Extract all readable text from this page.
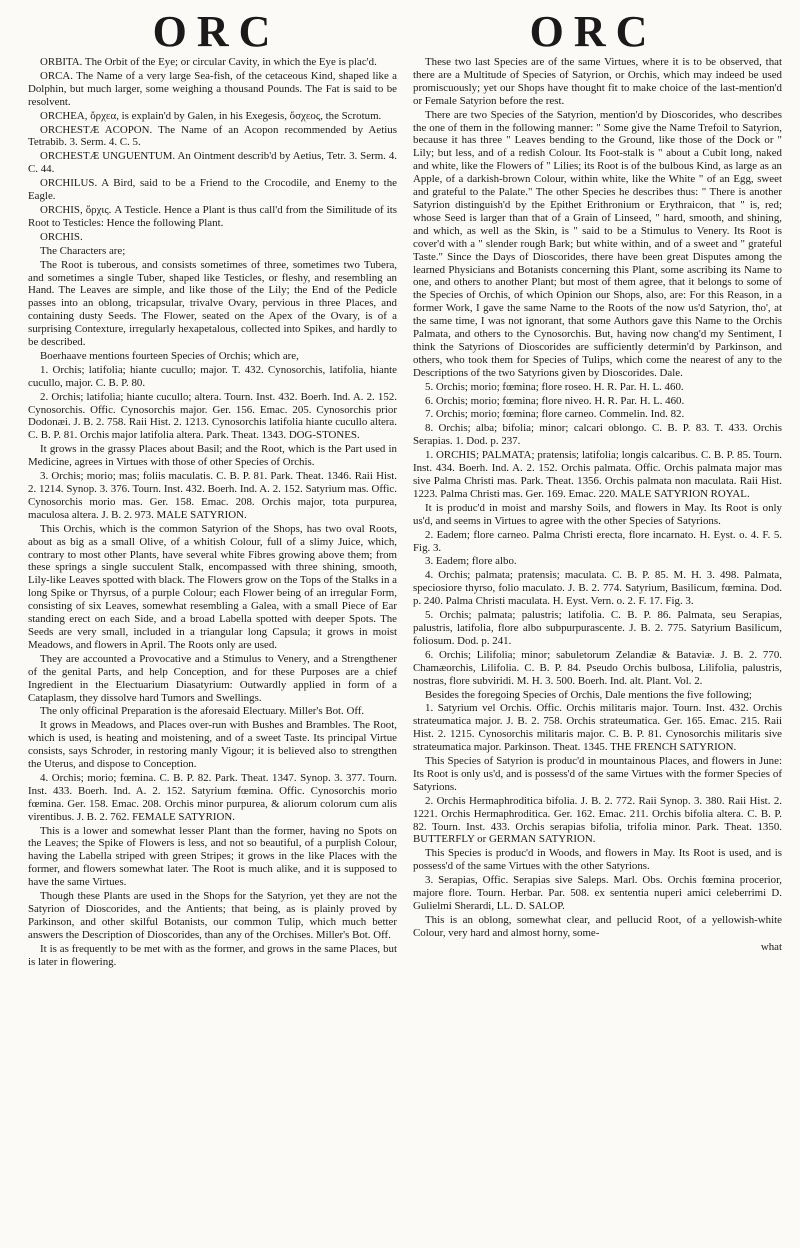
ORC	ORC

ORBITA. The Orbit of the Eye; or circular Cavity, in which the Eye is plac'd.

ORCA. The Name of a very large Sea-fish, of the cetaceous Kind, shaped like a Dolphin, but much larger, some weighing a thousand Pounds. The Fat is said to be resolvent.

ORCHEA, ὄρχεα, is explain'd by Galen, in his Exegesis, ὄσχεος, the Scrotum.

ORCHESTÆ ACOPON. The Name of an Acopon recommended by Aetius Tetrabib. 3. Serm. 4. C. 5.

ORCHESTÆ UNGUENTUM. An Ointment describ'd by Aetius, Tetr. 3. Serm. 4. C. 44.

ORCHILUS. A Bird, said to be a Friend to the Crocodile, and Enemy to the Eagle.

ORCHIS, ὄρχις. A Testicle. Hence a Plant is thus call'd from the Similitude of its Root to Testicles: Hence the following Plant.

ORCHIS.

The Characters are;

The Root is tuberous, and consists sometimes of three, sometimes two Tubera, and sometimes a single Tuber, shaped like Testicles, or fleshy, and resembling an Hand. The Leaves are simple, and like those of the Lily; the End of the Pedicle passes into an oblong, tricapsular, trivalve Ovary, pervious in three Places, and containing dusty Seeds. The Flower, seated on the Apex of the Ovary, is of a surprising Contexture, irregularly hexapetalous, collected into Spikes, and hardly to be described.

Boerhaave mentions fourteen Species of Orchis; which are,

1. Orchis; latifolia; hiante cucullo; major. T. 432. Cynosorchis, latifolia, hiante cucullo, major. C. B. P. 80.

2. Orchis; latifolia; hiante cucullo; altera. Tourn. Inst. 432. Boerh. Ind. A. 2. 152. Cynosorchis. Offic. Cynosorchis major. Ger. 156. Emac. 205. Cynosorchis prior Dodonæi. J. B. 2. 758. Raii Hist. 2. 1213. Cynosorchis latifolia hiante cucullo altera. C. B. P. 81. Orchis major latifolia altera. Park. Theat. 1343. DOG-STONES.

It grows in the grassy Places about Basil; and the Root, which is the Part used in Medicine, agrees in Virtues with those of other Species of Orchis.

3. Orchis; morio; mas; foliis maculatis. C. B. P. 81. Park. Theat. 1346. Raii Hist. 2. 1214. Synop. 3. 376. Tourn. Inst. 432. Boerh. Ind. A. 2. 152. Satyrium mas. Offic. Cynosorchis morio mas. Ger. 158. Emac. 208. Orchis major, tota purpurea, maculosa altera. J. B. 2. 973. MALE SATYRION.

This Orchis, which is the common Satyrion of the Shops, has two oval Roots, about as big as a small Olive, of a whitish Colour, full of a slimy Juice, which, contrary to most other Plants, have several white Fibres growing above them; from these springs a single succulent Stalk, encompassed with three shining, smooth, Lily-like Leaves spotted with black. The Flowers grow on the Tops of the Stalks in a long Spike or Thyrsus, of a purple Colour; each Flower being of an irregular Form, consisting of six Leaves, somewhat resembling a Galea, with a small Piece of Ear standing erect on each Side, and a broad Labella spotted with deeper Spots. The Seeds are very small, included in a triangular long Capsula; it grows in moist Meadows, and flowers in April. The Roots only are used.

They are accounted a Provocative and a Stimulus to Venery, and a Strengthener of the genital Parts, and help Conception, and for these Purposes are a chief Ingredient in the Electuarium Diasatyrium: Outwardly applied in form of a Cataplasm, they dissolve hard Tumors and Swellings.

The only officinal Preparation is the aforesaid Electuary. Miller's Bot. Off.

It grows in Meadows, and Places over-run with Bushes and Brambles. The Root, which is used, is heating and moistening, and of a sweet Taste. Its principal Virtue consists, says Schroder, in restoring manly Vigour; it is believed also to strengthen the Uterus, and dispose to Conception.

4. Orchis; morio; fœmina. C. B. P. 82. Park. Theat. 1347. Synop. 3. 377. Tourn. Inst. 433. Boerh. Ind. A. 2. 152. Satyrium fœmina. Offic. Cynosorchis morio fœmina. Ger. 158. Emac. 208. Orchis minor purpurea, & aliorum colorum cum alis virentibus. J. B. 2. 762. FEMALE SATYRION.

This is a lower and somewhat lesser Plant than the former, having no Spots on the Leaves; the Spike of Flowers is less, and not so beautiful, of a purplish Colour, having the Labella striped with green Stripes; it grows in the like Places with the former, and flowers somewhat later. The Root is much alike, and it is supposed to have the same Virtues.

Though these Plants are used in the Shops for the Satyrion, yet they are not the Satyrion of Dioscorides, and the Antients; that being, as is plainly proved by Parkinson, and other skilful Botanists, our common Tulip, which much better answers the Description of Dioscorides, than any of the Orchises. Miller's Bot. Off.

It is as frequently to be met with as the former, and grows in the same Places, but is later in flowering.

These two last Species are of the same Virtues, where it is to be observed, that there are a Multitude of Species of Satyrion, or Orchis, which may indeed be used promiscuously; yet our Shops have thought fit to make choice of the last-mention'd or Female Satyrion before the rest.

There are two Species of the Satyrion, mention'd by Dioscorides, who describes the one of them in the following manner: " Some give the Name Trefoil to Satyrion, because it has three " Leaves bending to the Ground, like those of the Dock or " Lily; but less, and of a redish Colour. Its Foot-stalk is " about a Cubit long, naked and white, like the Flowers of " Lilies; its Root is of the bulbous Kind, as large as an Apple, of a darkish-brown Colour, within white, like the White " of an Egg, sweet and grateful to the Palate." The other Species he describes thus: " There is another Satyrion distinguish'd by the Epithet Erithronium or Erythraicon, that " is, red; whose Seed is larger than that of a Grain of Linseed, " hard, smooth, and shining, and which, as well as the Skin, is " said to be a Stimulus to Venery. Its Root is cover'd with a " slender rough Bark; but white within, and of a sweet and " grateful Taste." Since the Days of Dioscorides, there have been great Disputes among the learned Physicians and Botanists concerning this Plant, some ascribing its Name to one, and others to another Plant; but most of them agree, that it belongs to some of the Species of Orchis, of which Opinion our Shops, also, are: For this Reason, in a former Work, I gave the same Name to the Roots of the now us'd Satyrion, tho', at the same time, I was not ignorant, that some Authors gave this Name to the Orchis Palmata, and others to the Cynosorchis. But, having now chang'd my Sentiment, I think the Satyrions of Dioscorides are sufficiently determin'd by Parkinson, and others, who took them for Species of Tulips, which come the nearest of any to the Descriptions of the two Satyrions given by Dioscorides. Dale.

5. Orchis; morio; fœmina; flore roseo. H. R. Par. H. L. 460.

6. Orchis; morio; fœmina; flore niveo. H. R. Par. H. L. 460.

7. Orchis; morio; fœmina; flore carneo. Commelin. Ind. 82.

8. Orchis; alba; bifolia; minor; calcari oblongo. C. B. P. 83. T. 433. Orchis Serapias. 1. Dod. p. 237.

1. ORCHIS; PALMATA; pratensis; latifolia; longis calcaribus. C. B. P. 85. Tourn. Inst. 434. Boerh. Ind. A. 2. 152. Orchis palmata. Offic. Orchis palmata major mas sive Palma Christi mas. Park. Theat. 1356. Orchis palmata non maculata. Raii Hist. 1223. Palma Christi mas. Ger. 169. Emac. 220. MALE SATYRION ROYAL.

It is produc'd in moist and marshy Soils, and flowers in May. Its Root is only us'd, and seems in Virtues to agree with the other Species of Satyrions.

2. Eadem; flore carneo. Palma Christi erecta, flore incarnato. H. Eyst. o. 4. F. 5. Fig. 3.

3. Eadem; flore albo.

4. Orchis; palmata; pratensis; maculata. C. B. P. 85. M. H. 3. 498. Palmata, speciosiore thyrso, folio maculato. J. B. 2. 774. Satyrium, Basilicum, fœmina. Dod. p. 240. Palma Christi maculata. H. Eyst. Vern. o. 2. F. 17. Fig. 3.

5. Orchis; palmata; palustris; latifolia. C. B. P. 86. Palmata, seu Serapias, palustris, latifolia, flore albo subpurpurascente. J. B. 2. 775. Satyrium Basilicum, foliosum. Dod. p. 241.

6. Orchis; Lilifolia; minor; sabuletorum Zelandiæ & Bataviæ. J. B. 2. 770. Chamæorchis, Lilifolia. C. B. P. 84. Pseudo Orchis bulbosa, Lilifolia, palustris, nostras, flore subviridi. M. H. 3. 500. Boerh. Ind. alt. Plant. Vol. 2.

Besides the foregoing Species of Orchis, Dale mentions the five following;

1. Satyrium vel Orchis. Offic. Orchis militaris major. Tourn. Inst. 432. Orchis strateumatica major. J. B. 2. 758. Orchis strateumatica. Ger. 165. Emac. 215. Raii Hist. 2. 1215. Cynosorchis militaris major. C. B. P. 81. Cynosorchis militaris sive strateumatica major. Parkinson. Theat. 1345. THE FRENCH SATYRION.

This Species of Satyrion is produc'd in mountainous Places, and flowers in June: Its Root is only us'd, and is possess'd of the same Virtues with the former Species of Satyrions.

2. Orchis Hermaphroditica bifolia. J. B. 2. 772. Raii Synop. 3. 380. Raii Hist. 2. 1221. Orchis Hermaphroditica. Ger. 162. Emac. 211. Orchis bifolia altera. C. B. P. 82. Tourn. Inst. 433. Orchis serapias bifolia, trifolia minor. Park. Theat. 1350. BUTTERFLY or GERMAN SATYRION.

This Species is produc'd in Woods, and flowers in May. Its Root is used, and is possess'd of the same Virtues with the other Satyrions.

3. Serapias, Offic. Serapias sive Saleps. Marl. Obs. Orchis fœmina procerior, majore flore. Tourn. Herbar. Par. 508. ex sententia nuperi amici celeberrimi D. Gulielmi Sherardi, LL. D. SALOP.

This is an oblong, somewhat clear, and pellucid Root, of a yellowish-white Colour, very hard and almost horny, some-

what
